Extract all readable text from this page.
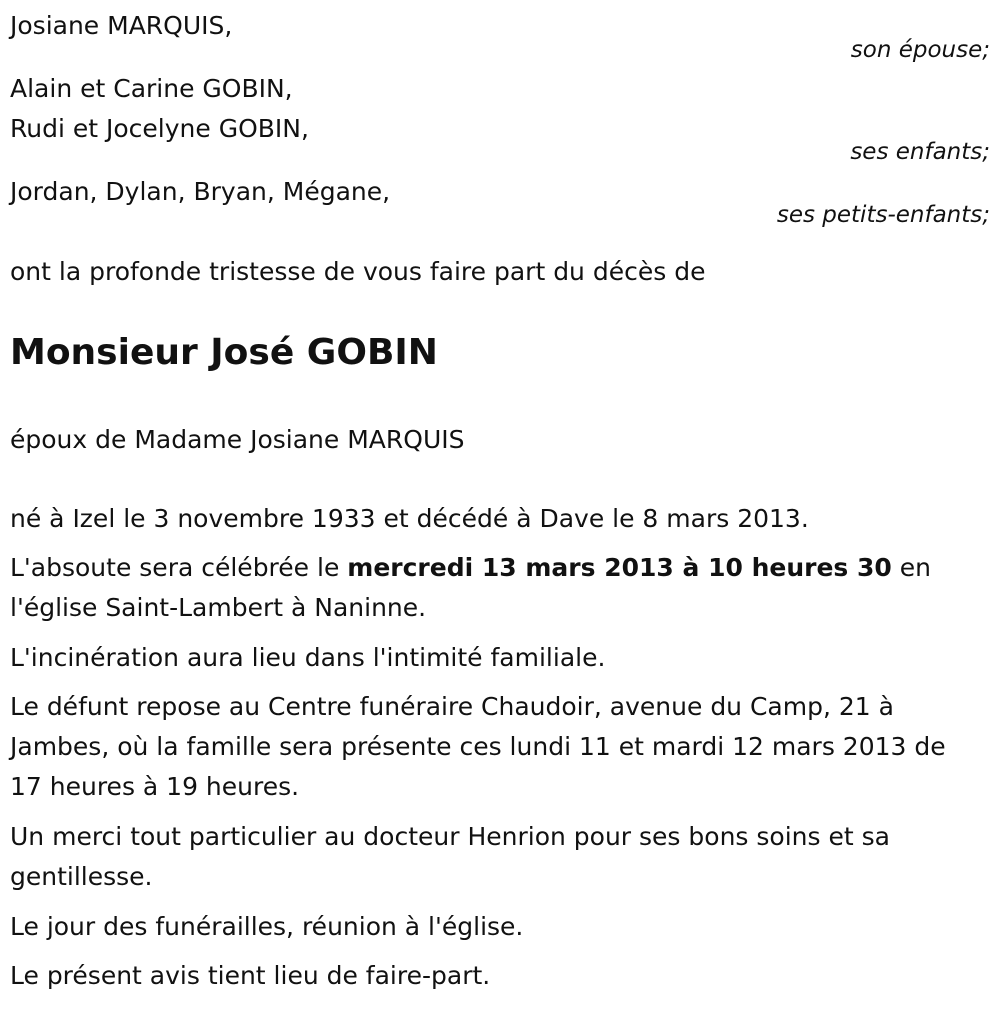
Josiane MARQUIS,
son épouse;
Alain et Carine GOBIN,
Rudi et Jocelyne GOBIN,
ses enfants;
Jordan, Dylan, Bryan, Mégane,
ses petits-enfants;
ont la profonde tristesse de vous faire part du décès de
Monsieur José GOBIN
époux de Madame Josiane MARQUIS
né à Izel le 3 novembre 1933 et décédé à Dave le 8 mars 2013.
L'absoute sera célébrée le mercredi 13 mars 2013 à 10 heures 30 en
l'église Saint-Lambert à Naninne.
L'incinération aura lieu dans l'intimité familiale.
Le défunt repose au Centre funéraire Chaudoir, avenue du Camp, 21 à
Jambes, où la famille sera présente ces lundi 11 et mardi 12 mars 2013 de
17 heures à 19 heures.
Un merci tout particulier au docteur Henrion pour ses bons soins et sa
gentillesse.
Le jour des funérailles, réunion à l'église.
Le présent avis tient lieu de faire-part.
